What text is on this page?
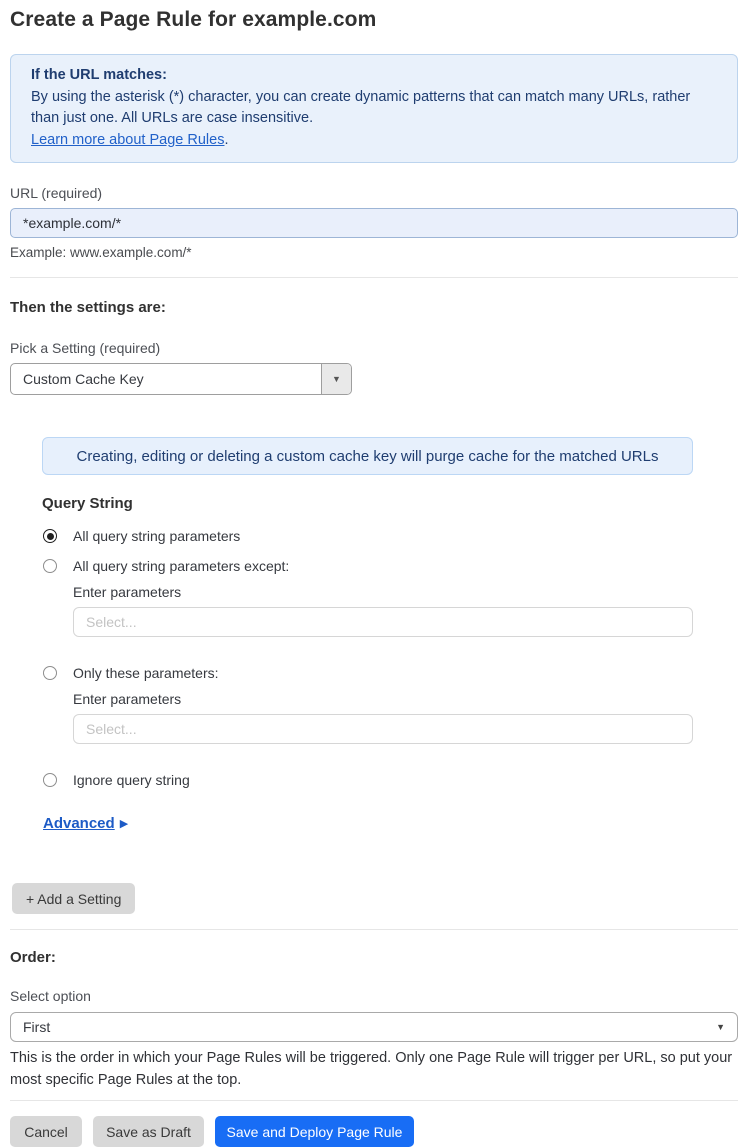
Create a Page Rule for example.com
If the URL matches:
By using the asterisk (*) character, you can create dynamic patterns that can match many URLs, rather than just one. All URLs are case insensitive.
Learn more about Page Rules.
URL (required)
*example.com/*
Example: www.example.com/*
Then the settings are:
Pick a Setting (required)
Custom Cache Key	▼
Creating, editing or deleting a custom cache key will purge cache for the matched URLs
Query String
All query string parameters
All query string parameters except:
Enter parameters
Select...
Only these parameters:
Enter parameters
Select...
Ignore query string
Advanced ▶
+ Add a Setting
Order:
Select option
First	▼
This is the order in which your Page Rules will be triggered. Only one Page Rule will trigger per URL, so put your most specific Page Rules at the top.
Cancel	Save as Draft	Save and Deploy Page Rule
